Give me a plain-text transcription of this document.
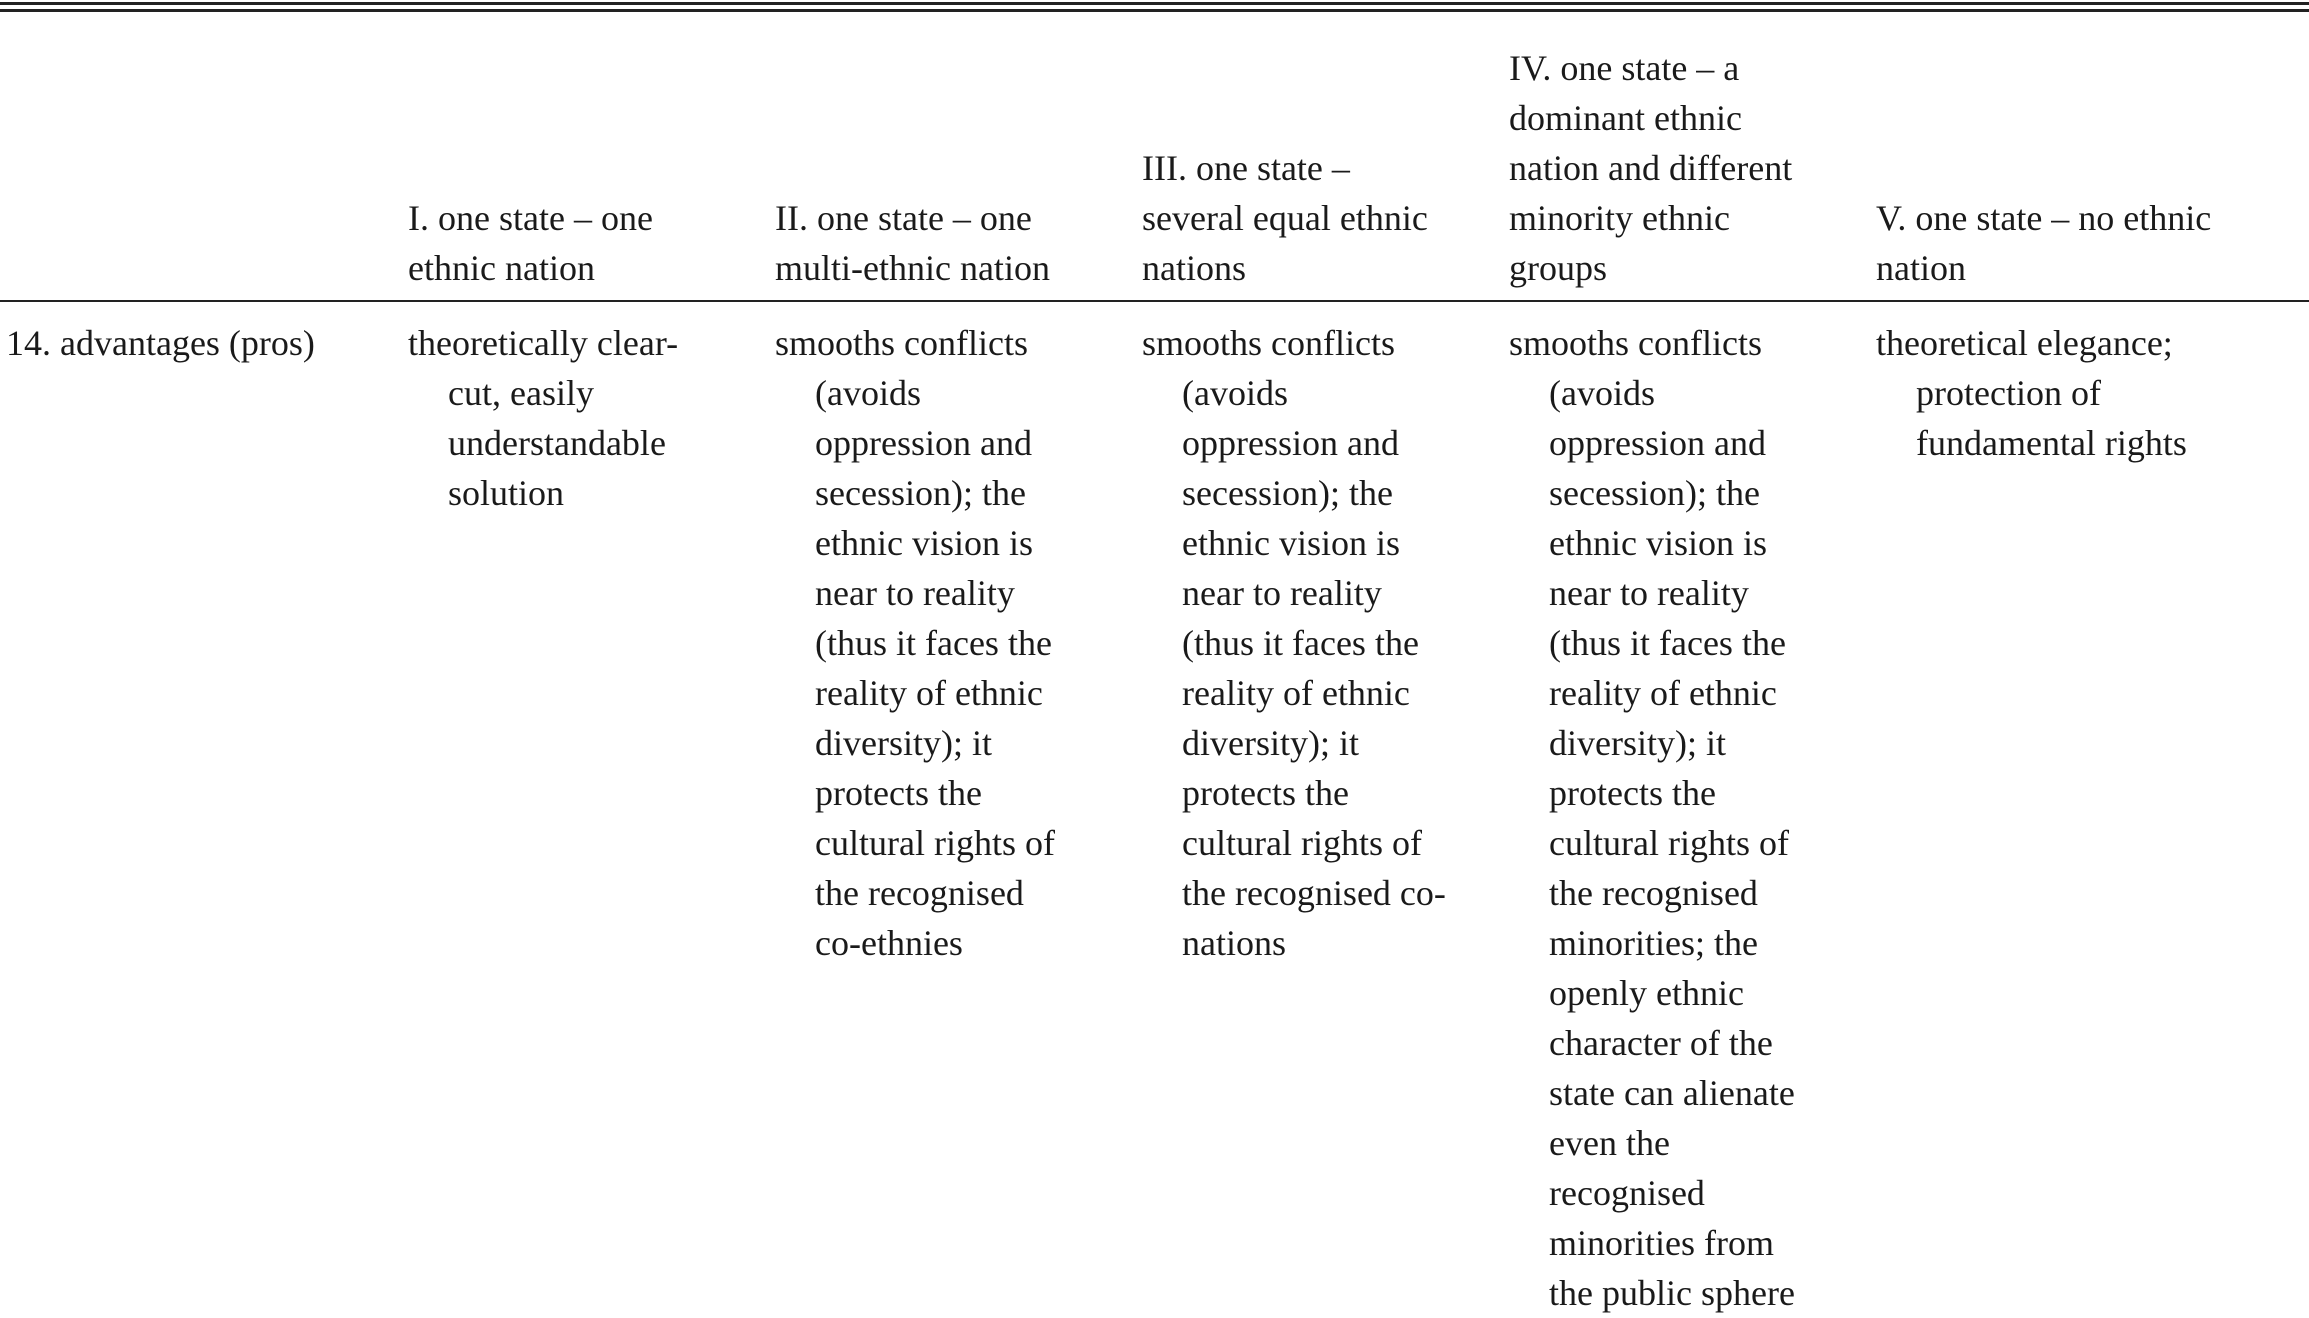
I. one state – one
ethnic nation
II. one state – one
multi-ethnic nation
III. one state –
several equal ethnic
nations
IV. one state – a
dominant ethnic
nation and different
minority ethnic
groups
V. one state – no ethnic
nation
14. advantages (pros)	theoretically clear-
cut, easily
understandable
solution
smooths conflicts
(avoids
oppression and
secession); the
ethnic vision is
near to reality
(thus it faces the
reality of ethnic
diversity); it
protects the
cultural rights of
the recognised
co-ethnies
smooths conflicts
(avoids
oppression and
secession); the
ethnic vision is
near to reality
(thus it faces the
reality of ethnic
diversity); it
protects the
cultural rights of
the recognised co-
nations
smooths conflicts
(avoids
oppression and
secession); the
ethnic vision is
near to reality
(thus it faces the
reality of ethnic
diversity); it
protects the
cultural rights of
the recognised
minorities; the
openly ethnic
character of the
state can alienate
even the
recognised
minorities from
the public sphere
theoretical elegance;
protection of
fundamental rights
